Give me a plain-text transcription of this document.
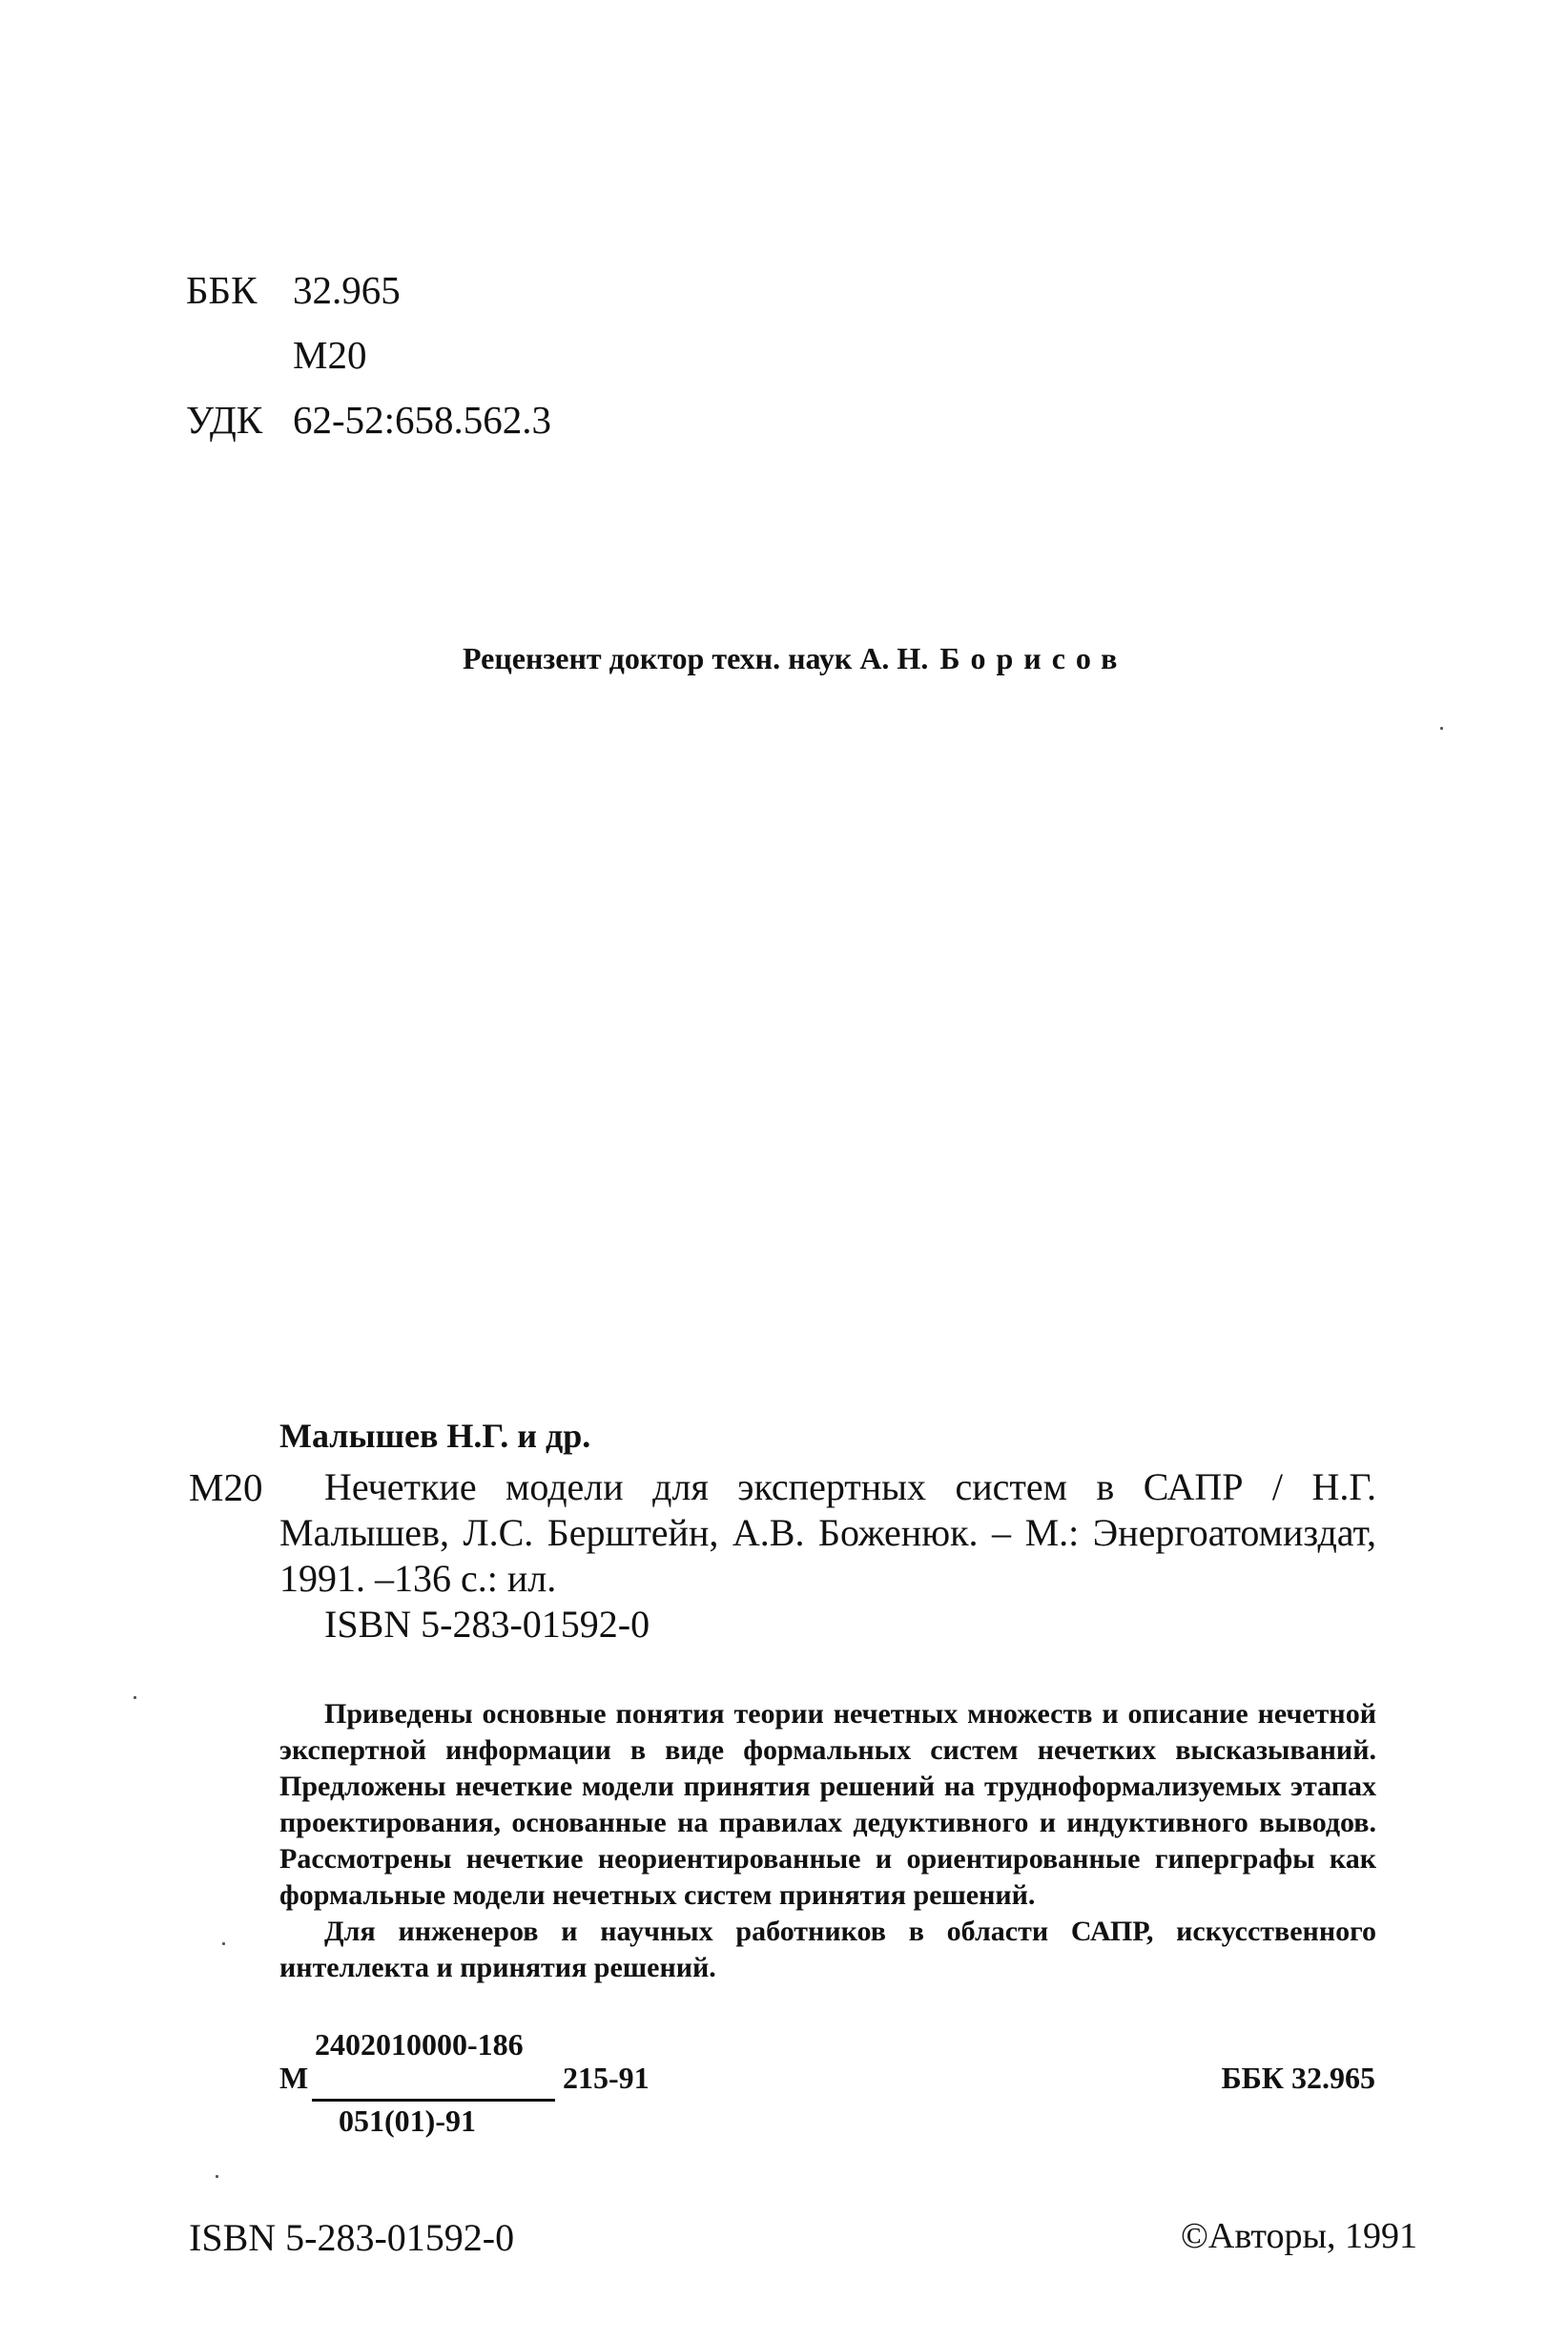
ББК 32.965
М20
УДК 62-52:658.562.3
Рецензент доктор техн. наук А. Н. Борисов
Малышев Н.Г. и др.
М20	Нечеткие модели для экспертных систем в САПР / Н.Г. Малышев, Л.С. Берштейн, А.В. Боженюк. – М.: Энергоатомиздат, 1991. –136 с.: ил.
ISBN 5-283-01592-0

Приведены основные понятия теории нечетных множеств и описание нечетной экспертной информации в виде формальных систем нечетких высказываний. Предложены нечеткие модели принятия решений на трудноформализуемых этапах проектирования, основанные на правилах дедуктивного и индуктивного выводов. Рассмотрены нечеткие неориентированные и ориентированные гиперграфы как формальные модели нечетных систем принятия решений.

Для инженеров и научных работников в области САПР, искусственного интеллекта и принятия решений.

М
2402010000-186
051(01)-91
215-91	ББК 32.965
ISBN 5-283-01592-0	©Авторы, 1991
